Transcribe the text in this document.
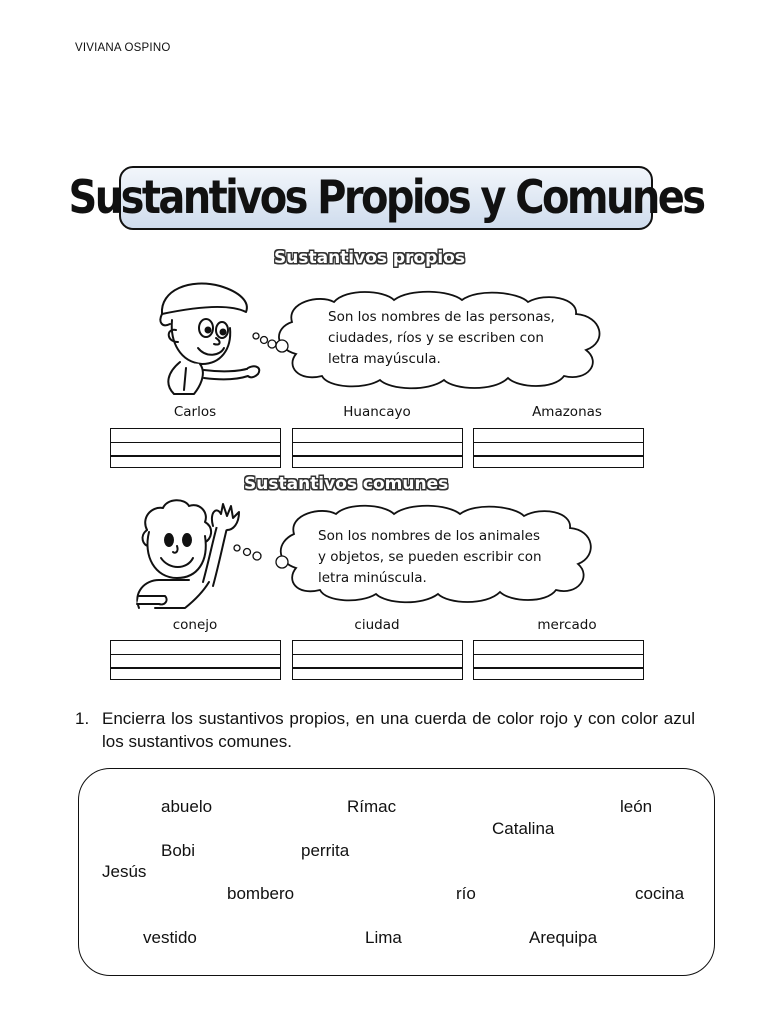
VIVIANA OSPINO
Sustantivos Propios y Comunes
Sustantivos propios
Son los nombres de las personas,
ciudades, ríos y se escriben con
letra mayúscula.
Carlos	Huancayo	Amazonas
Sustantivos comunes
Son los nombres de los animales
y objetos, se pueden escribir con
letra minúscula.
conejo	ciudad	mercado
1. Encierra los sustantivos propios, en una cuerda de color rojo y con color azul los sustantivos comunes.
abuelo	Rímac	león
Catalina
Bobi	perrita
Jesús
bombero	río	cocina
vestido	Lima	Arequipa
